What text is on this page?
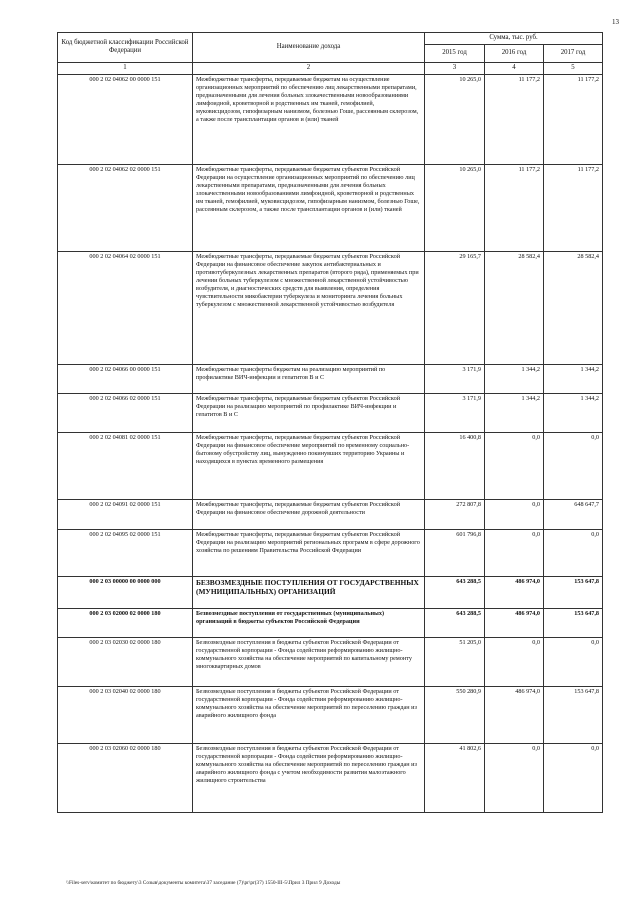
13
Код бюджетной классификации Российской Федерации	Наименование дохода	Сумма, тыс. руб.		
		2015 год	2016 год	2017 год
1	2	3	4	5
000 2 02 04062 00 0000 151	Межбюджетные трансферты, передаваемые бюджетам на осуществление организационных мероприятий по обеспечению лиц лекарственными препаратами, предназначенными для лечения больных злокачественными новообразованиями лимфоидной, кроветворной и родственных им тканей, гемофилией, муковисцидозом, гипофизарным нанизмом, болезнью Гоше, рассеянным склерозом, а также после трансплантации органов и (или) тканей	10 265,0	11 177,2	11 177,2
000 2 02 04062 02 0000 151	Межбюджетные трансферты, передаваемые бюджетам субъектов Российской Федерации на осуществление организационных мероприятий по обеспечению лиц лекарственными препаратами, предназначенными для лечения больных злокачественными новообразованиями лимфоидной, кроветворной и родственных им тканей, гемофилией, муковисцидозом, гипофизарным нанизмом, болезнью Гоше, рассеянным склерозом, а также после трансплантации органов и (или) тканей	10 265,0	11 177,2	11 177,2
000 2 02 04064 02 0000 151	Межбюджетные трансферты, передаваемые бюджетам субъектов Российской Федерации на финансовое обеспечение закупок антибактериальных и противотуберкулезных лекарственных препаратов (второго ряда), применяемых при лечении больных туберкулезом с множественной лекарственной устойчивостью возбудителя, и диагностических средств для выявления, определения чувствительности микобактерии туберкулеза и мониторинга лечения больных туберкулезом с множественной лекарственной устойчивостью возбудителя	29 165,7	28 582,4	28 582,4
000 2 02 04066 00 0000 151	Межбюджетные трансферты бюджетам на реализацию мероприятий по профилактике ВИЧ-инфекции и гепатитов B и C	3 171,9	1 344,2	1 344,2
000 2 02 04066 02 0000 151	Межбюджетные трансферты, передаваемые бюджетам субъектов Российской Федерации на реализацию мероприятий по профилактике ВИЧ-инфекции и гепатитов B и C	3 171,9	1 344,2	1 344,2
000 2 02 04081 02 0000 151	Межбюджетные трансферты, передаваемые бюджетам субъектов Российской Федерации на финансовое обеспечение мероприятий по временному социально-бытовому обустройству лиц, вынужденно покинувших территорию Украины и находящихся в пунктах временного размещения	16 400,8	0,0	0,0
000 2 02 04091 02 0000 151	Межбюджетные трансферты, передаваемые бюджетам субъектов Российской Федерации на финансовое обеспечение дорожной деятельности	272 807,8	0,0	648 647,7
000 2 02 04095 02 0000 151	Межбюджетные трансферты, передаваемые бюджетам субъектов Российской Федерации на реализацию мероприятий региональных программ в сфере дорожного хозяйства по решениям Правительства Российской Федерации	601 796,8	0,0	0,0
000 2 03 00000 00 0000 000	БЕЗВОЗМЕЗДНЫЕ ПОСТУПЛЕНИЯ ОТ ГОСУДАРСТВЕННЫХ (МУНИЦИПАЛЬНЫХ) ОРГАНИЗАЦИЙ	643 288,5	486 974,0	153 647,8
000 2 03 02000 02 0000 180	Безвозмездные поступления от государственных (муниципальных) организаций в бюджеты субъектов Российской Федерации	643 288,5	486 974,0	153 647,8
000 2 03 02030 02 0000 180	Безвозмездные поступления в бюджеты субъектов Российской Федерации от государственной корпорации - Фонда содействия реформированию жилищно-коммунального хозяйства на обеспечение мероприятий по капитальному ремонту многоквартирных домов	51 205,0	0,0	0,0
000 2 03 02040 02 0000 180	Безвозмездные поступления в бюджеты субъектов Российской Федерации от государственной корпорации - Фонда содействия реформированию жилищно-коммунального хозяйства на обеспечение мероприятий по переселению граждан из аварийного жилищного фонда	550 280,9	486 974,0	153 647,8
000 2 03 02060 02 0000 180	Безвозмездные поступления в бюджеты субъектов Российской Федерации от государственной корпорации - Фонда содействия реформированию жилищно-коммунального хозяйства на обеспечение мероприятий по переселению граждан из аварийного жилищного фонда с учетом необходимости развития малоэтажного жилищного строительства	41 802,6	0,0	0,0
\\Files-serv\комитет по бюджету\3 Созыв\документы комитета\37 заседание (7)\pr\pr(37) 1550-III-5\Прил 3 Прил 9 Доходы
